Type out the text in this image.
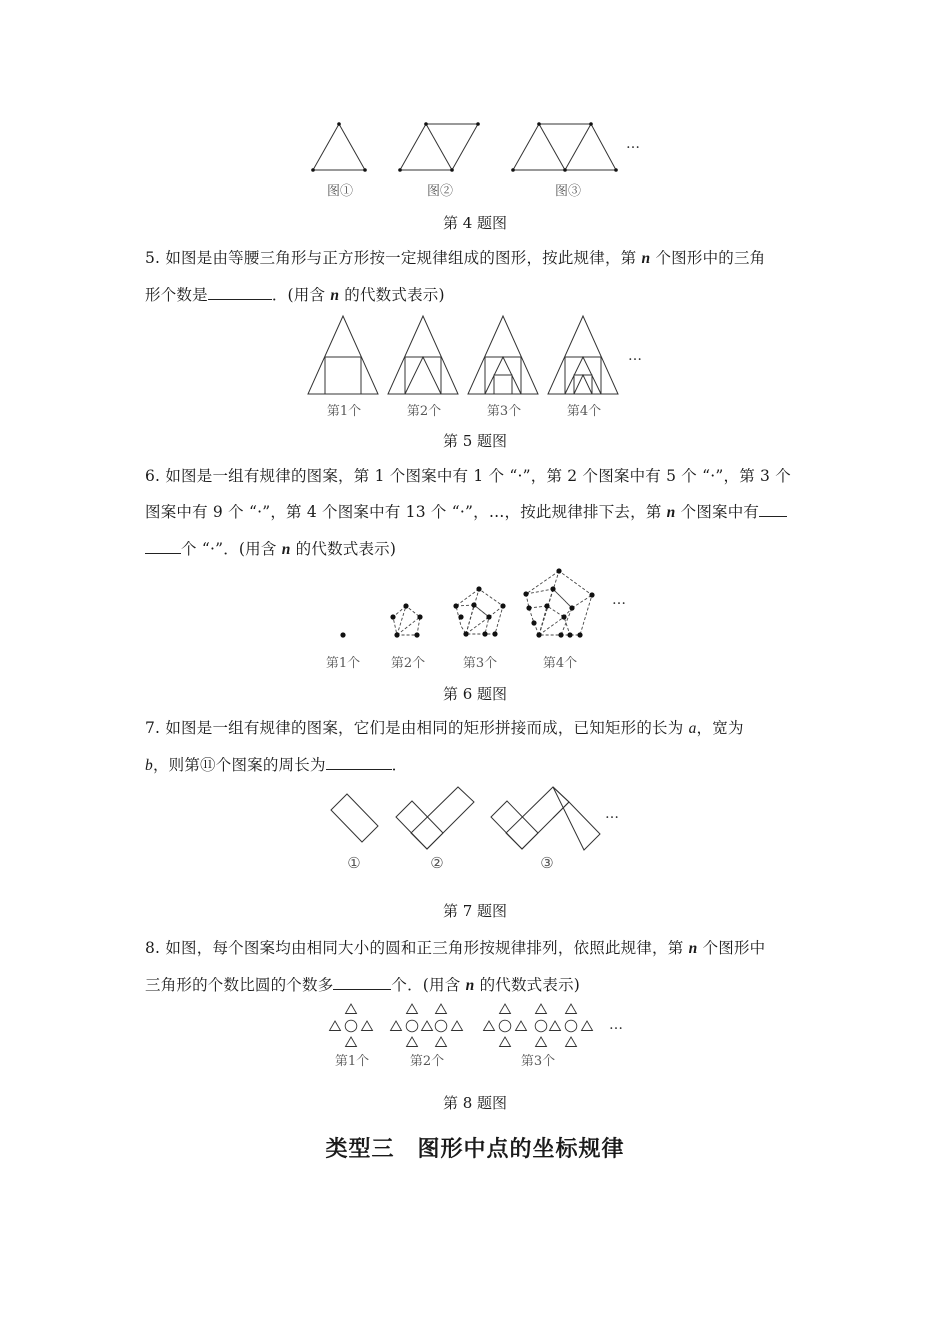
…
图①	图②	图③
第 4 题图
5. 如图是由等腰三角形与正方形按一定规律组成的图形，按此规律，第 n 个图形中的三角
形个数是	．(用含 n 的代数式表示)
…
第1个	第2个	第3个	第4个
第 5 题图
6. 如图是一组有规律的图案，第 1 个图案中有 1 个 “·”，第 2 个图案中有 5 个 “·”，第 3 个
图案中有 9 个 “·”，第 4 个图案中有 13 个 “·”，…，按此规律排下去，第 n 个图案中有
个 “·”．(用含 n 的代数式表示)
…
第1个	第2个	第3个	第4个
第 6 题图
7. 如图是一组有规律的图案，它们是由相同的矩形拼接而成，已知矩形的长为 a，宽为
b，则第⑪个图案的周长为	．
…
①	②	③
第 7 题图
8. 如图，每个图案均由相同大小的圆和正三角形按规律排列，依照此规律，第 n 个图形中
三角形的个数比圆的个数多	个．(用含 n 的代数式表示)
…
第1个	第2个	第3个
第 8 题图
类型三　图形中点的坐标规律
